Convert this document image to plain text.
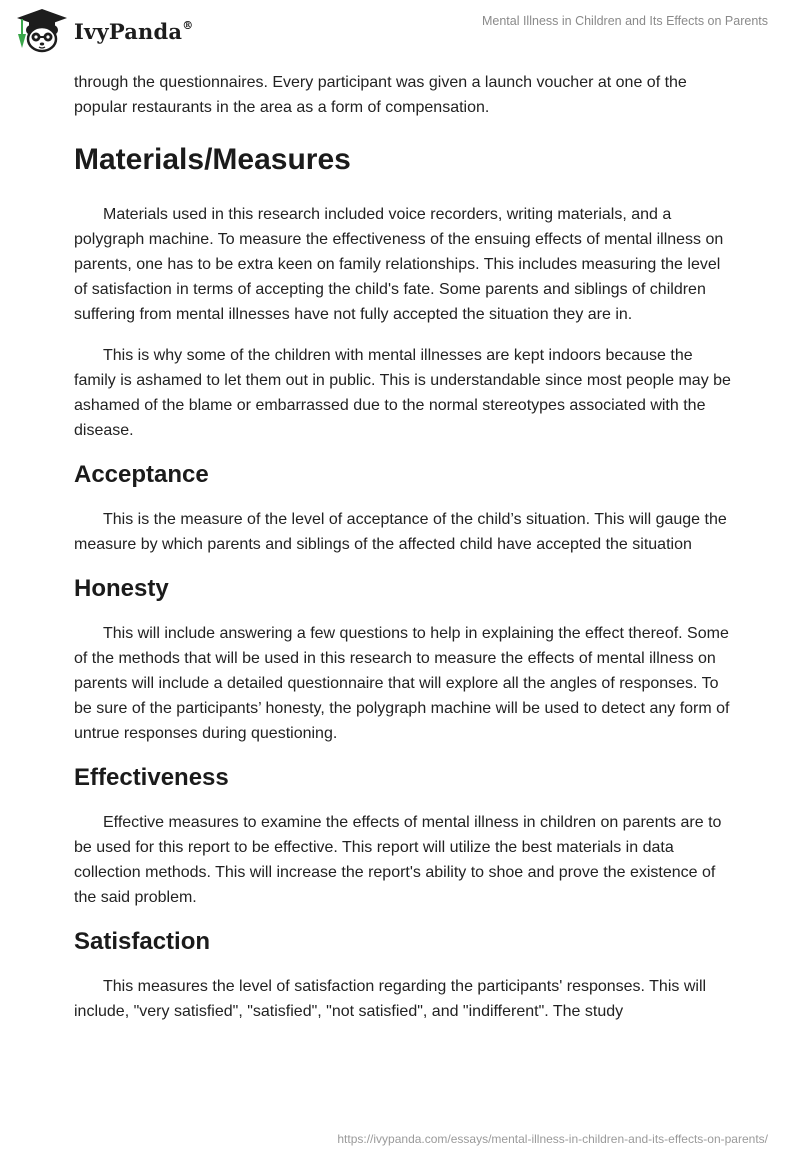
IvyPanda®	Mental Illness in Children and Its Effects on Parents

through the questionnaires. Every participant was given a launch voucher at one of the popular restaurants in the area as a form of compensation.

Materials/Measures

Materials used in this research included voice recorders, writing materials, and a polygraph machine. To measure the effectiveness of the ensuing effects of mental illness on parents, one has to be extra keen on family relationships. This includes measuring the level of satisfaction in terms of accepting the child's fate. Some parents and siblings of children suffering from mental illnesses have not fully accepted the situation they are in.

This is why some of the children with mental illnesses are kept indoors because the family is ashamed to let them out in public. This is understandable since most people may be ashamed of the blame or embarrassed due to the normal stereotypes associated with the disease.

Acceptance

This is the measure of the level of acceptance of the child’s situation. This will gauge the measure by which parents and siblings of the affected child have accepted the situation

Honesty

This will include answering a few questions to help in explaining the effect thereof. Some of the methods that will be used in this research to measure the effects of mental illness on parents will include a detailed questionnaire that will explore all the angles of responses. To be sure of the participants’ honesty, the polygraph machine will be used to detect any form of untrue responses during questioning.

Effectiveness

Effective measures to examine the effects of mental illness in children on parents are to be used for this report to be effective. This report will utilize the best materials in data collection methods. This will increase the report's ability to shoe and prove the existence of the said problem.

Satisfaction

This measures the level of satisfaction regarding the participants' responses. This will include, "very satisfied", "satisfied", "not satisfied", and "indifferent". The study

https://ivypanda.com/essays/mental-illness-in-children-and-its-effects-on-parents/
